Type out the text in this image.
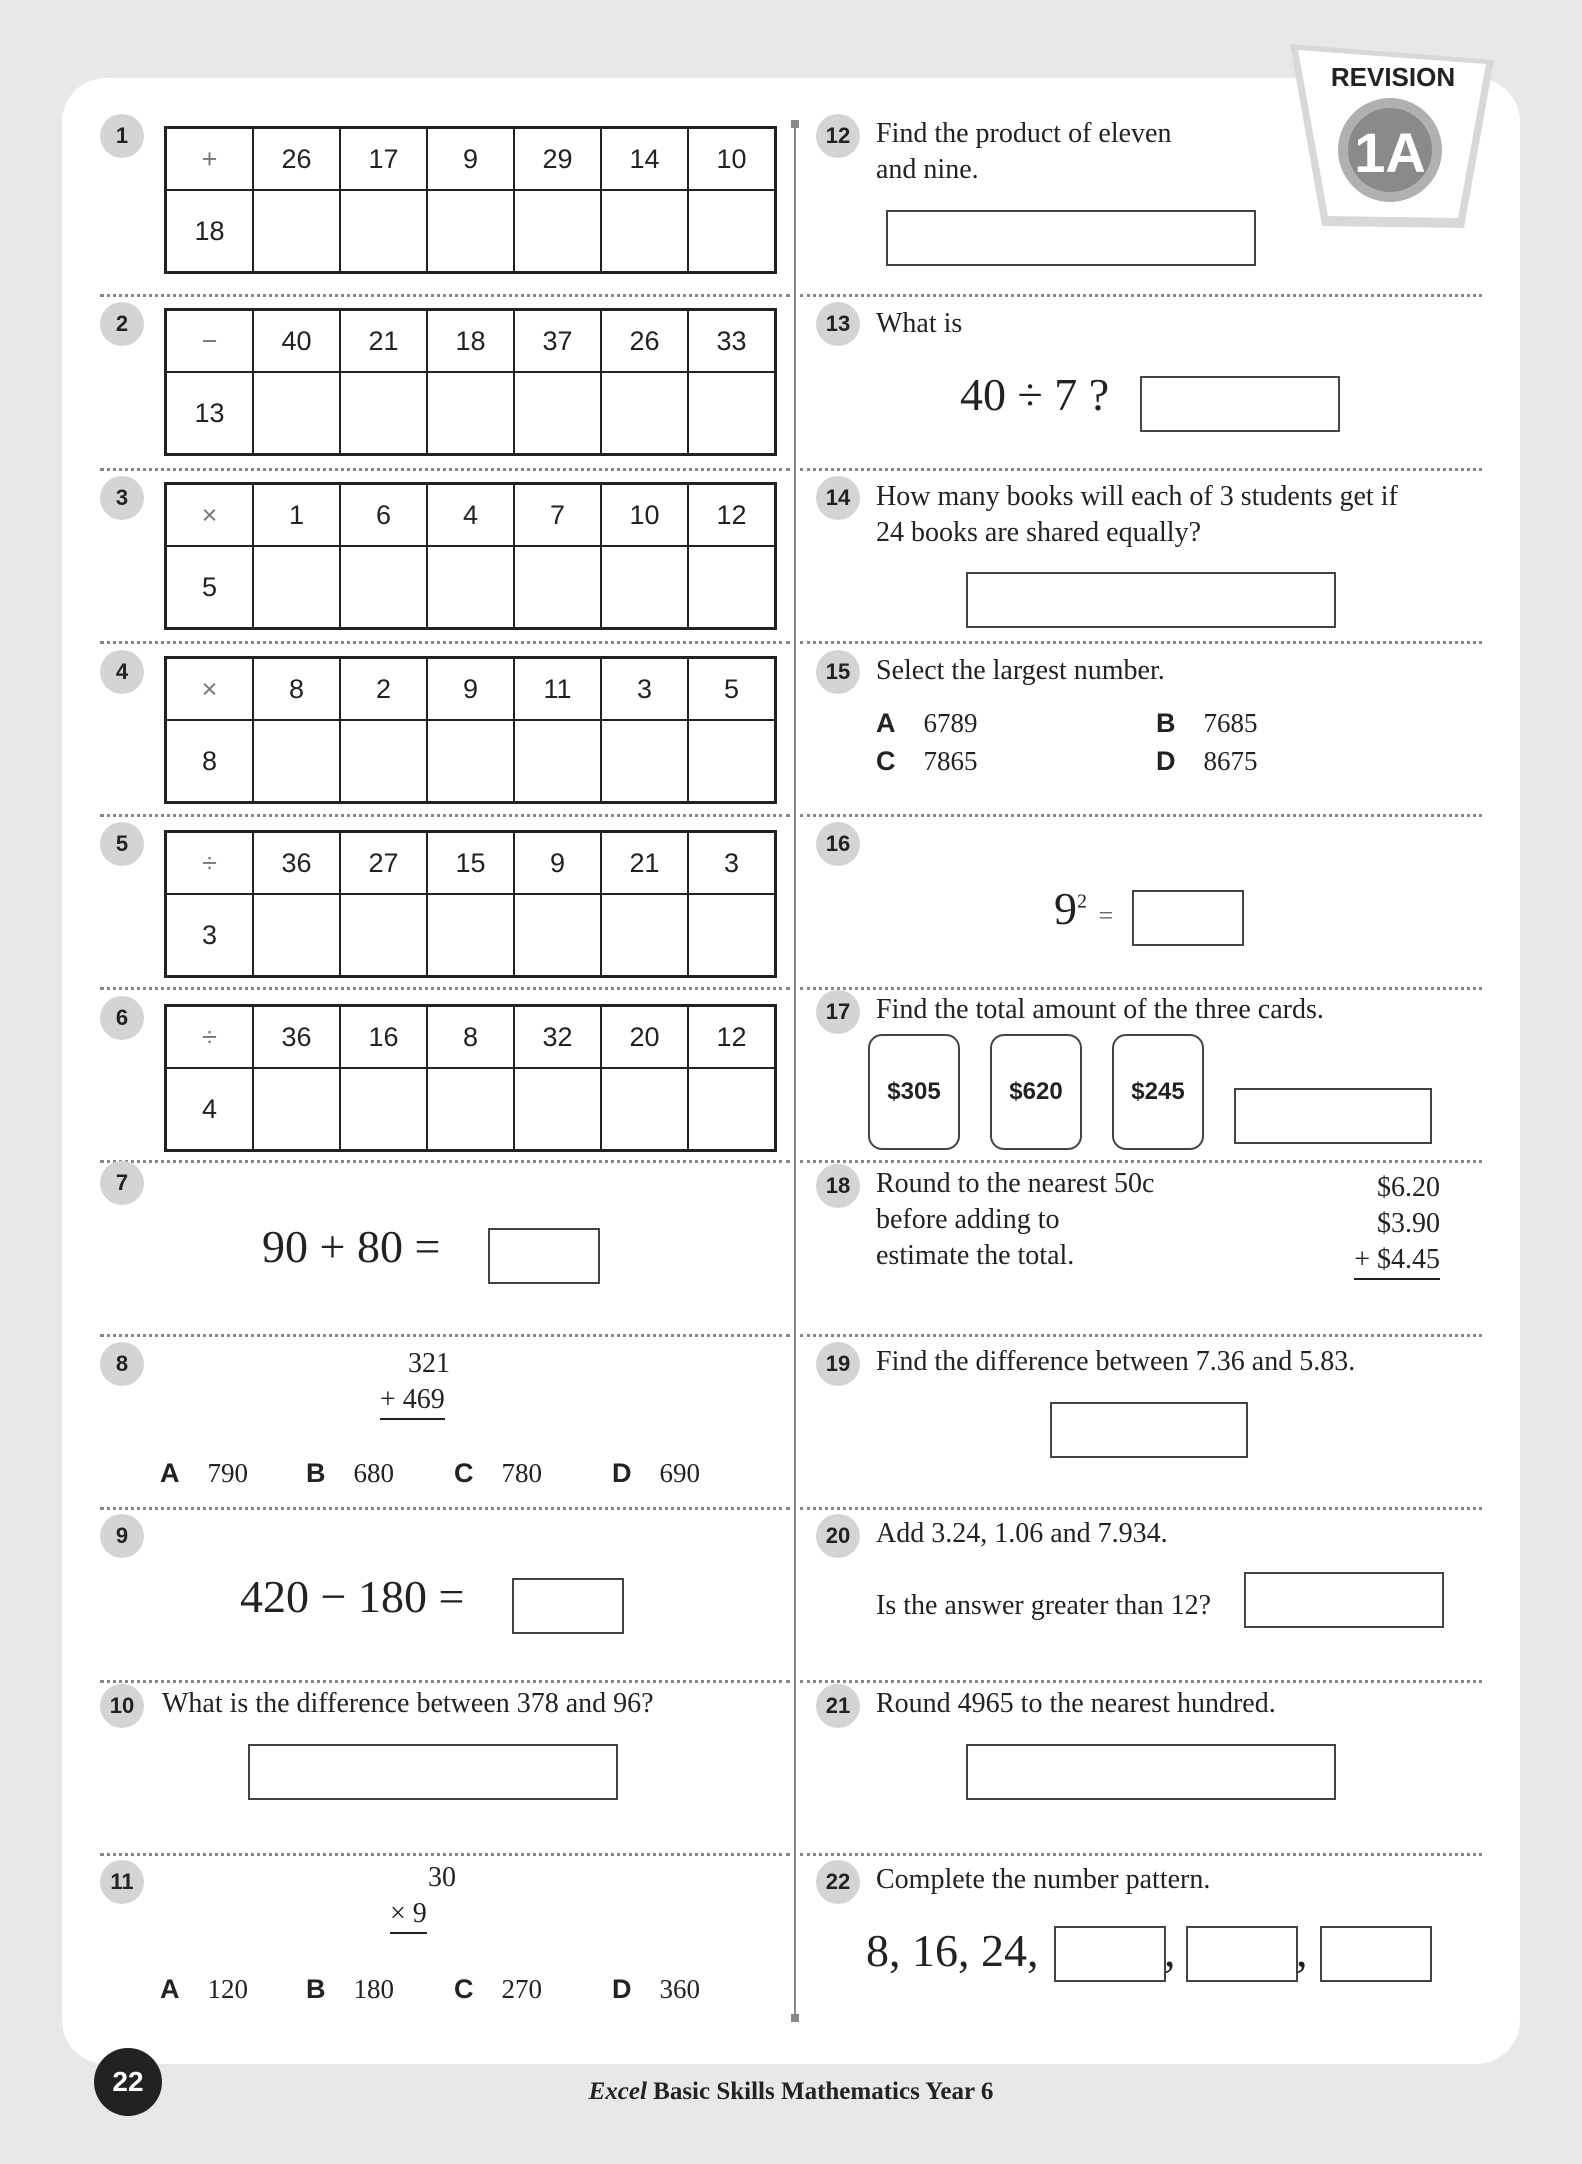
REVISION
1A
1
+	26	17	9	29	14	10
18						
2
−	40	21	18	37	26	33
13						
3
×	1	6	4	7	10	12
5						
4
×	8	2	9	11	3	5
8						
5
÷	36	27	15	9	21	3
3						
6
÷	36	16	8	32	20	12
4						
7
90 + 80 =
8	321
+ 469
A 790 B 680 C 780	D 690
9
420 − 180 =
10 What is the difference between 378 and 96?
11	30
× 9
A 120 B 180 C 270	D 360
12 Find the product of eleven
and nine.
13 What is
40 ÷ 7 ?
14 How many books will each of 3 students get if
24 books are shared equally?
15 Select the largest number.
A 6789	B 7685
C 7865	D 8675
16
$9^2$ =
17 Find the total amount of the three cards.
$305	$620	$245
18 Round to the nearest 50c
before adding to
estimate the total.
$6.20
$3.90
+ $4.45
19 Find the difference between 7.36 and 5.83.
20 Add 3.24, 1.06 and 7.934.
Is the answer greater than 12?
21 Round 4965 to the nearest hundred.
22 Complete the number pattern.
8, 16, 24,	,	,
22	Excel Basic Skills Mathematics Year 6
